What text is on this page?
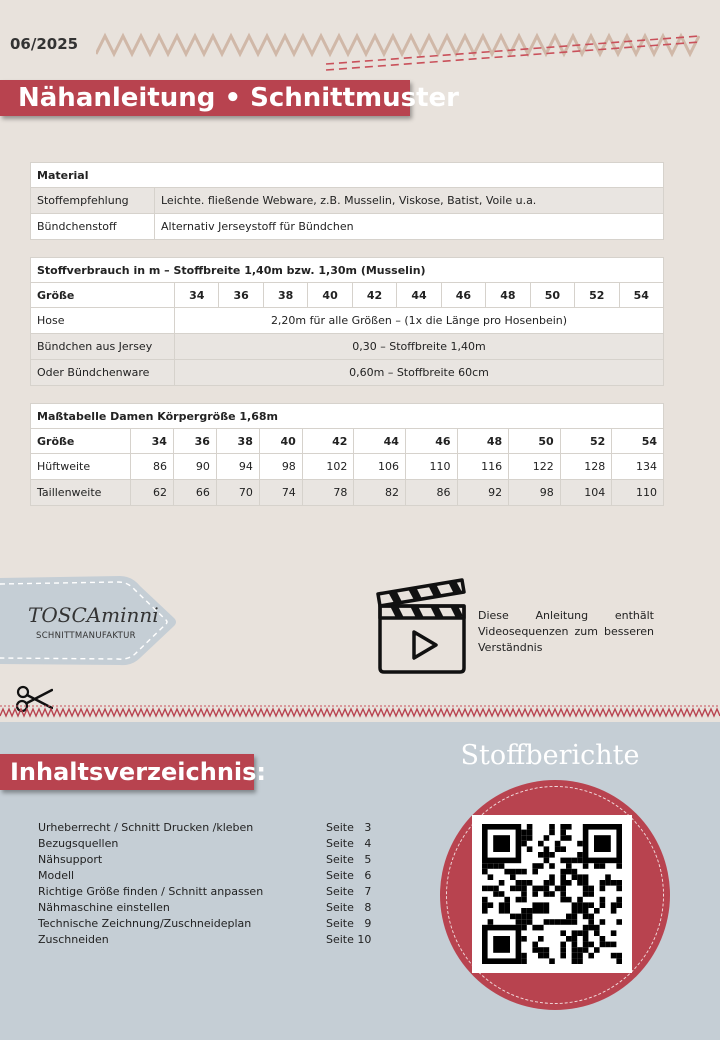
06/2025
Nähanleitung • Schnittmuster
Material	
Stoffempfehlung	Leichte. fließende Webware, z.B. Musselin, Viskose, Batist, Voile u.a.
Bündchenstoff	Alternativ Jerseystoff für Bündchen
Stoffverbrauch in m – Stoffbreite 1,40m bzw. 1,30m (Musselin)											
Größe	34	36	38	40	42	44	46	48	50	52	54
Hose	2,20m für alle Größen – (1x die Länge pro Hosenbein)										
Bündchen aus Jersey	0,30 – Stoffbreite 1,40m										
Oder Bündchenware	0,60m – Stoffbreite 60cm										
Maßtabelle Damen Körpergröße 1,68m											
Größe	34	36	38	40	42	44	46	48	50	52	54
Hüftweite	86	90	94	98	102	106	110	116	122	128	134
Taillenweite	62	66	70	74	78	82	86	92	98	104	110
TOSCAminni
SCHNITTMANUFAKTUR
Diese Anleitung enthält Videosequenzen zum besseren Verständnis
Inhaltsverzeichnis:
Urheberrecht / Schnitt Drucken /kleben	Seite   3
Bezugsquellen	Seite   4
Nähsupport	Seite   5
Modell	Seite   6
Richtige Größe finden / Schnitt anpassen	Seite   7
Nähmaschine einstellen	Seite   8
Technische Zeichnung/Zuschneideplan	Seite   9
Zuschneiden	Seite 10
Stoffberichte
